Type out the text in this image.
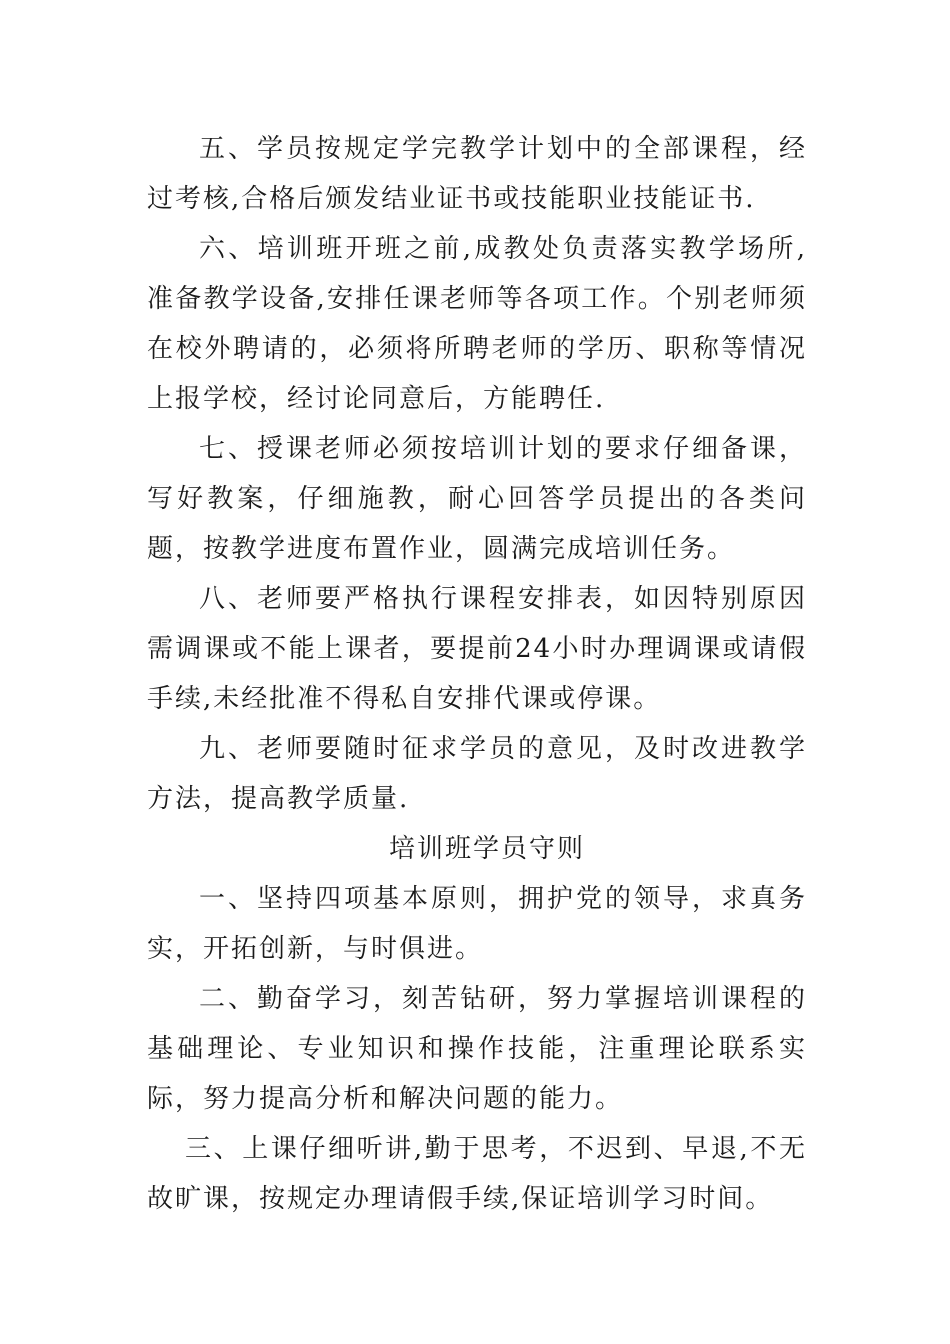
五、学员按规定学完教学计划中的全部课程，经过考核,合格后颁发结业证书或技能职业技能证书.

六、培训班开班之前,成教处负责落实教学场所,准备教学设备,安排任课老师等各项工作。个别老师须在校外聘请的，必须将所聘老师的学历、职称等情况上报学校，经讨论同意后，方能聘任.

七、授课老师必须按培训计划的要求仔细备课，写好教案，仔细施教，耐心回答学员提出的各类问题，按教学进度布置作业，圆满完成培训任务。

八、老师要严格执行课程安排表，如因特别原因需调课或不能上课者，要提前24小时办理调课或请假手续,未经批准不得私自安排代课或停课。

九、老师要随时征求学员的意见，及时改进教学方法，提高教学质量.

培训班学员守则

一、坚持四项基本原则，拥护党的领导，求真务实，开拓创新，与时俱进。

二、勤奋学习，刻苦钻研，努力掌握培训课程的基础理论、专业知识和操作技能，注重理论联系实际，努力提高分析和解决问题的能力。

三、上课仔细听讲,勤于思考，不迟到、早退,不无故旷课，按规定办理请假手续,保证培训学习时间。
